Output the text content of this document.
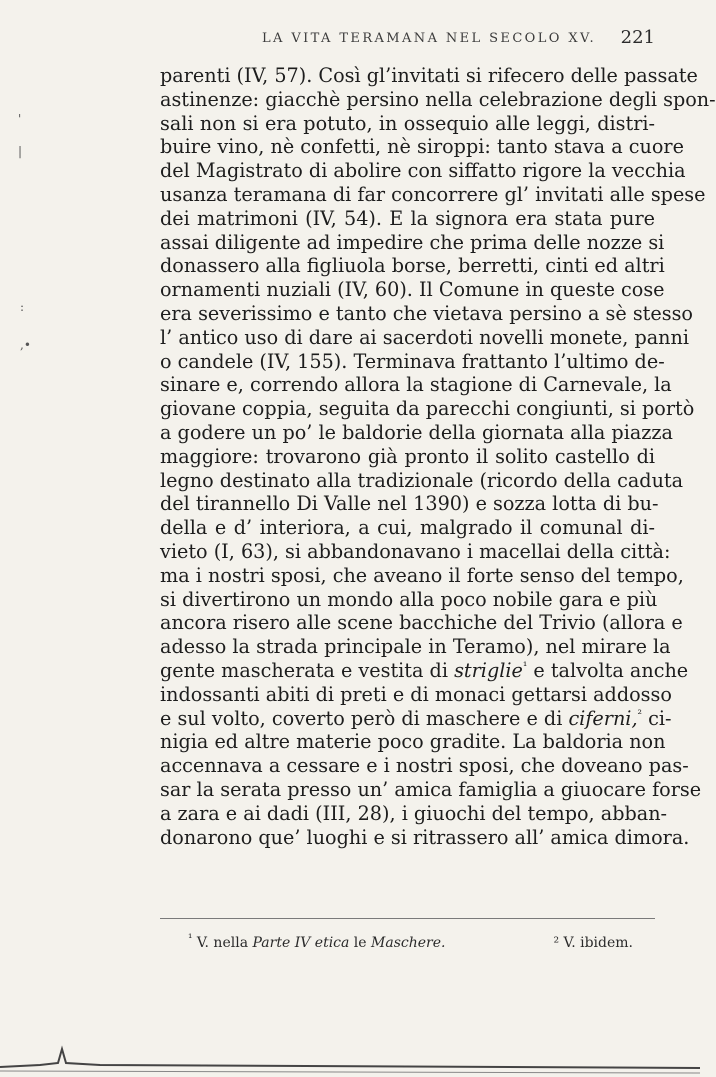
LA VITA TERAMANA NEL SECOLO XV. 221
'
|
:
,•
parenti (IV, 57). Così gl’invitati si rifecero delle passate
astinenze: giacchè persino nella celebrazione degli spon-
sali non si era potuto, in ossequio alle leggi, distri-
buire vino, nè confetti, nè siroppi: tanto stava a cuore
del Magistrato di abolire con siffatto rigore la vecchia
usanza teramana di far concorrere gl’ invitati alle spese
dei matrimoni (IV, 54). E la signora era stata pure
assai diligente ad impedire che prima delle nozze si
donassero alla figliuola borse, berretti, cinti ed altri
ornamenti nuziali (IV, 60). Il Comune in queste cose
era severissimo e tanto che vietava persino a sè stesso
l’ antico uso di dare ai sacerdoti novelli monete, panni
o candele (IV, 155). Terminava frattanto l’ultimo de-
sinare e, correndo allora la stagione di Carnevale, la
giovane coppia, seguita da parecchi congiunti, si portò
a godere un po’ le baldorie della giornata alla piazza
maggiore: trovarono già pronto il solito castello di
legno destinato alla tradizionale (ricordo della caduta
del tirannello Di Valle nel 1390) e sozza lotta di bu-
della e d’ interiora, a cui, malgrado il comunal di-
vieto (I, 63), si abbandonavano i macellai della città:
ma i nostri sposi, che aveano il forte senso del tempo,
si divertirono un mondo alla poco nobile gara e più
ancora risero alle scene bacchiche del Trivio (allora e
adesso la strada principale in Teramo), nel mirare la
gente mascherata e vestita di striglie$^{^1}$ e talvolta anche
indossanti abiti di preti e di monaci gettarsi addosso
e sul volto, coverto però di maschere e di ciferni,$^{^2}$ ci-
nigia ed altre materie poco gradite. La baldoria non
accennava a cessare e i nostri sposi, che doveano pas-
sar la serata presso un’ amica famiglia a giuocare forse
a zara e ai dadi (III, 28), i giuochi del tempo, abban-
donarono que’ luoghi e si ritrassero all’ amica dimora.
$^{^1}$ V. nella Parte IV etica le Maschere.	² V. ibidem.
